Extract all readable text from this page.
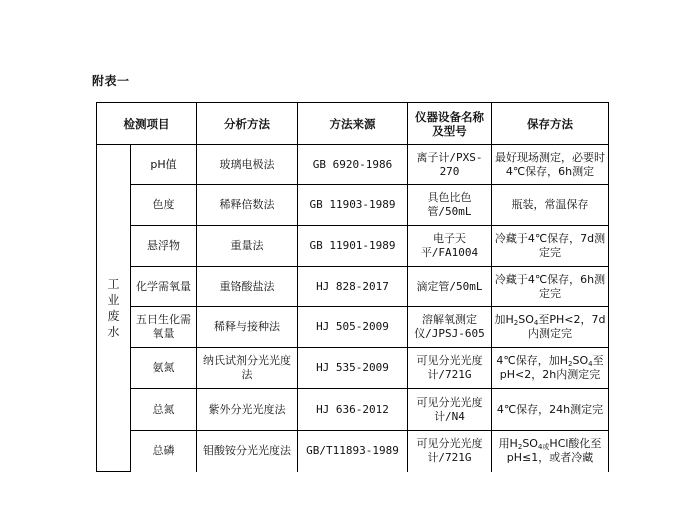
附表一
检测项目		分析方法	方法来源	仪器设备名称及型号	保存方法
工业废水	pH值	玻璃电极法	GB 6920-1986	离子计/PXS-270	最好现场测定，必要时4℃保存，6h测定
	色度	稀释倍数法	GB 11903-1989	具色比色管/50mL	瓶装，常温保存
	悬浮物	重量法	GB 11901-1989	电子天平/FA1004	冷藏于4℃保存，7d测定完
	化学需氧量	重铬酸盐法	HJ 828-2017	滴定管/50mL	冷藏于4℃保存，6h测定完
	五日生化需氧量	稀释与接种法	HJ 505-2009	溶解氧测定仪/JPSJ-605	加$H_2SO_4$至PH<2，7d内测定完
	氨氮	纳氏试剂分光光度法	HJ 535-2009	可见分光光度计/721G	4℃保存，加$H_2SO_4$至pH<2，2h内测定完
	总氮	紫外分光光度法	HJ 636-2012	可见分光光度计/N4	4℃保存，24h测定完
	总磷	钼酸铵分光光度法	GB/T11893-1989	可见分光光度计/721G	用$H_2SO_{4或}HCl$酸化至pH≤1，或者冷藏
